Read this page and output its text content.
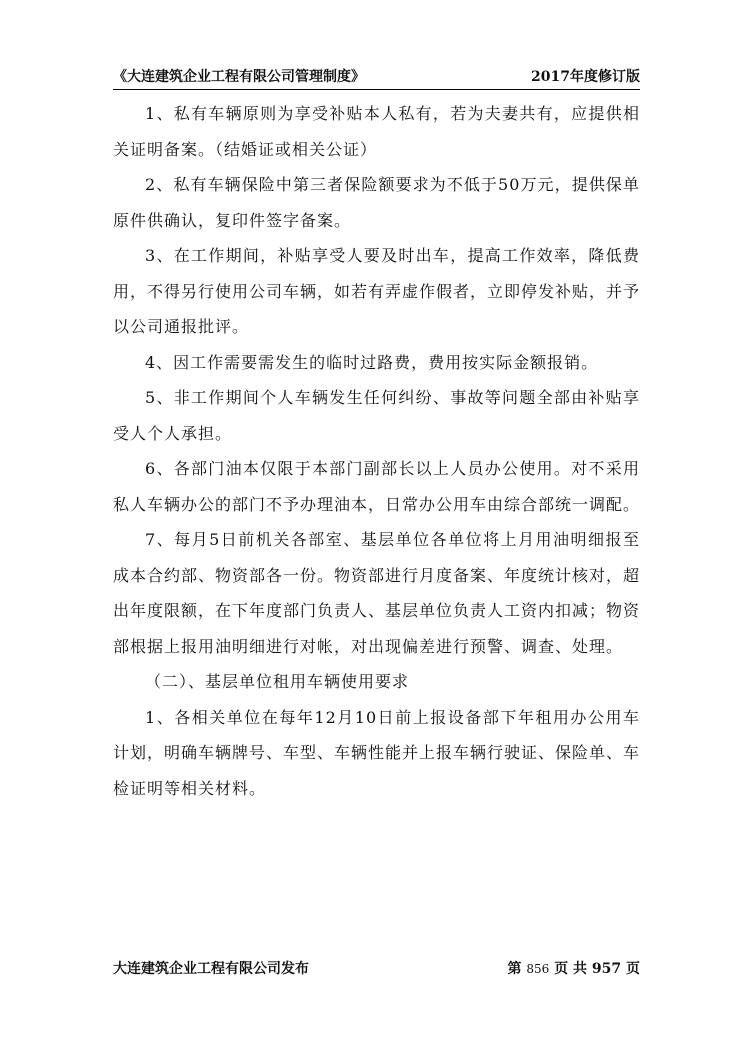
《大连建筑企业工程有限公司管理制度》	2017年度修订版

1、私有车辆原则为享受补贴本人私有，若为夫妻共有，应提供相关证明备案。（结婚证或相关公证）

2、私有车辆保险中第三者保险额要求为不低于50万元，提供保单原件供确认，复印件签字备案。

3、在工作期间，补贴享受人要及时出车，提高工作效率，降低费用，不得另行使用公司车辆，如若有弄虚作假者，立即停发补贴，并予以公司通报批评。

4、因工作需要需发生的临时过路费，费用按实际金额报销。

5、非工作期间个人车辆发生任何纠纷、事故等问题全部由补贴享受人个人承担。

6、各部门油本仅限于本部门副部长以上人员办公使用。对不采用私人车辆办公的部门不予办理油本，日常办公用车由综合部统一调配。

7、每月5日前机关各部室、基层单位各单位将上月用油明细报至成本合约部、物资部各一份。物资部进行月度备案、年度统计核对，超出年度限额，在下年度部门负责人、基层单位负责人工资内扣减；物资部根据上报用油明细进行对帐，对出现偏差进行预警、调查、处理。

（二）、基层单位租用车辆使用要求

1、各相关单位在每年12月10日前上报设备部下年租用办公用车计划，明确车辆牌号、车型、车辆性能并上报车辆行驶证、保险单、车检证明等相关材料。

大连建筑企业工程有限公司发布	第 856 页 共 957 页
